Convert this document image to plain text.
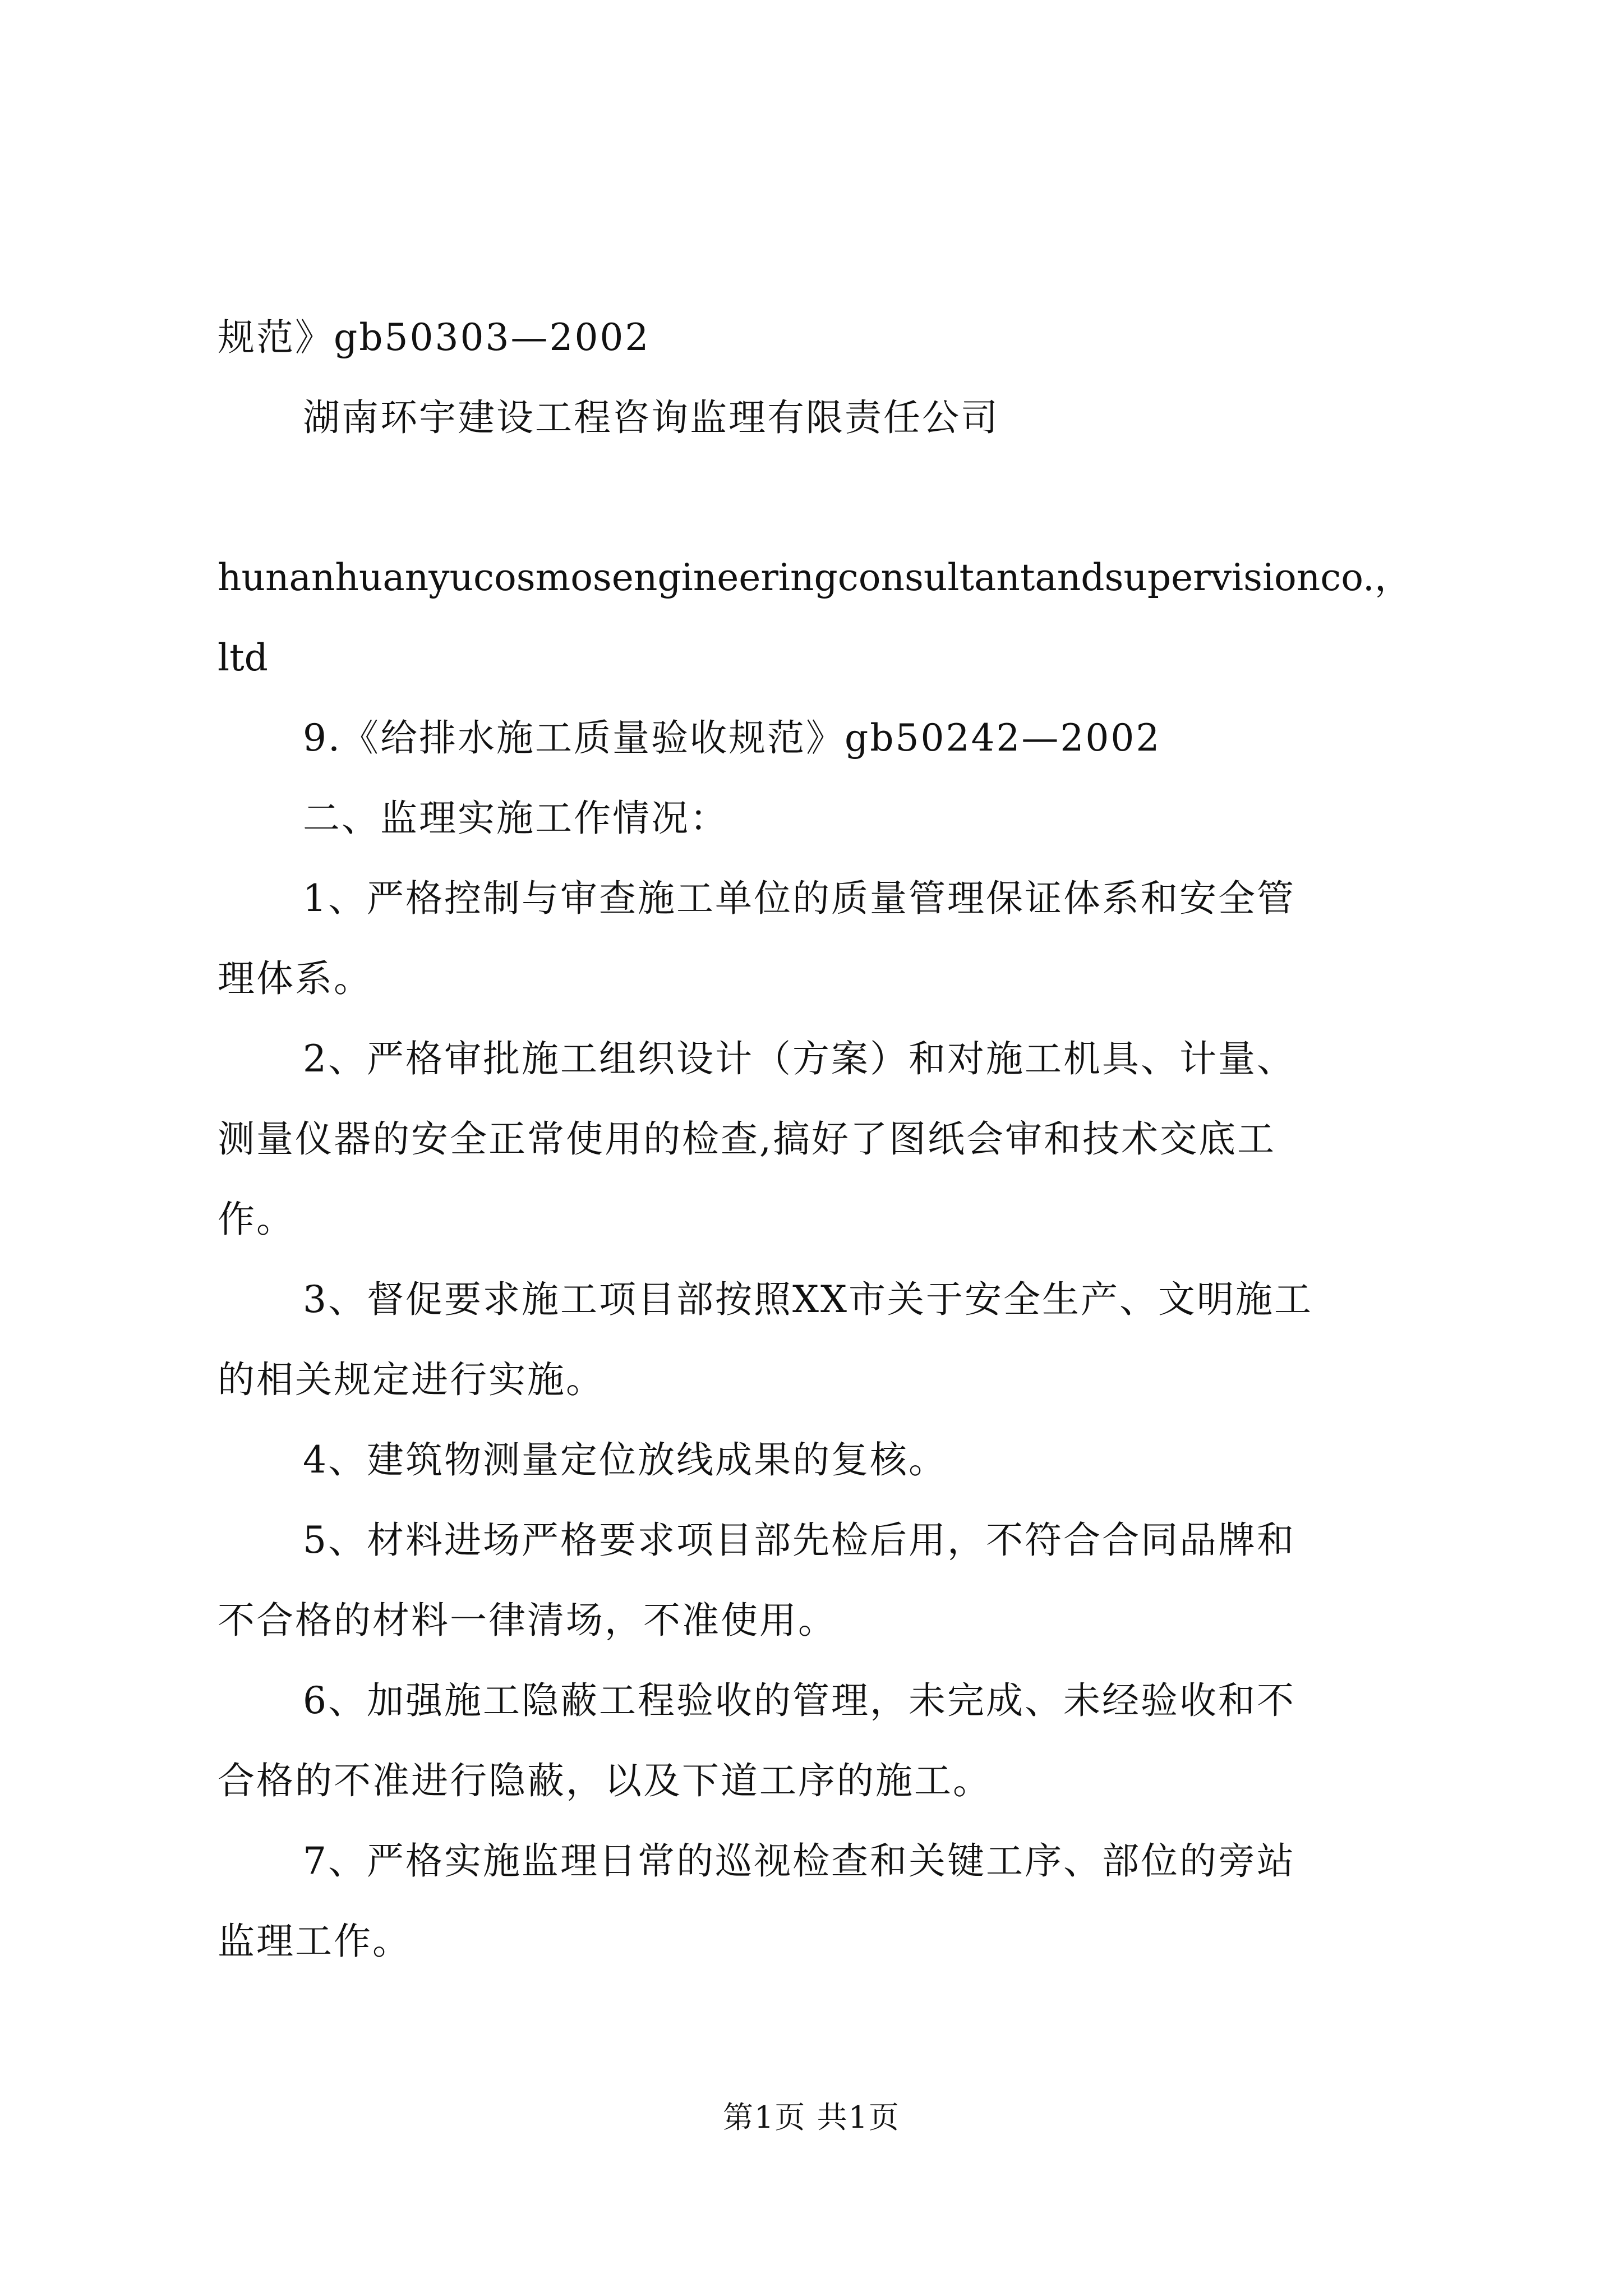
规范》gb50303—2002
湖南环宇建设工程咨询监理有限责任公司
hunanhuanyucosmosengineeringconsultantandsupervisionco.，
ltd
9.《给排水施工质量验收规范》gb50242—2002
二、监理实施工作情况：
1、严格控制与审查施工单位的质量管理保证体系和安全管
理体系。
2、严格审批施工组织设计（方案）和对施工机具、计量、
测量仪器的安全正常使用的检查,搞好了图纸会审和技术交底工
作。
3、督促要求施工项目部按照XX市关于安全生产、文明施工
的相关规定进行实施。
4、建筑物测量定位放线成果的复核。
5、材料进场严格要求项目部先检后用，不符合合同品牌和
不合格的材料一律清场，不准使用。
6、加强施工隐蔽工程验收的管理，未完成、未经验收和不
合格的不准进行隐蔽，以及下道工序的施工。
7、严格实施监理日常的巡视检查和关键工序、部位的旁站
监理工作。
第1页 共1页
